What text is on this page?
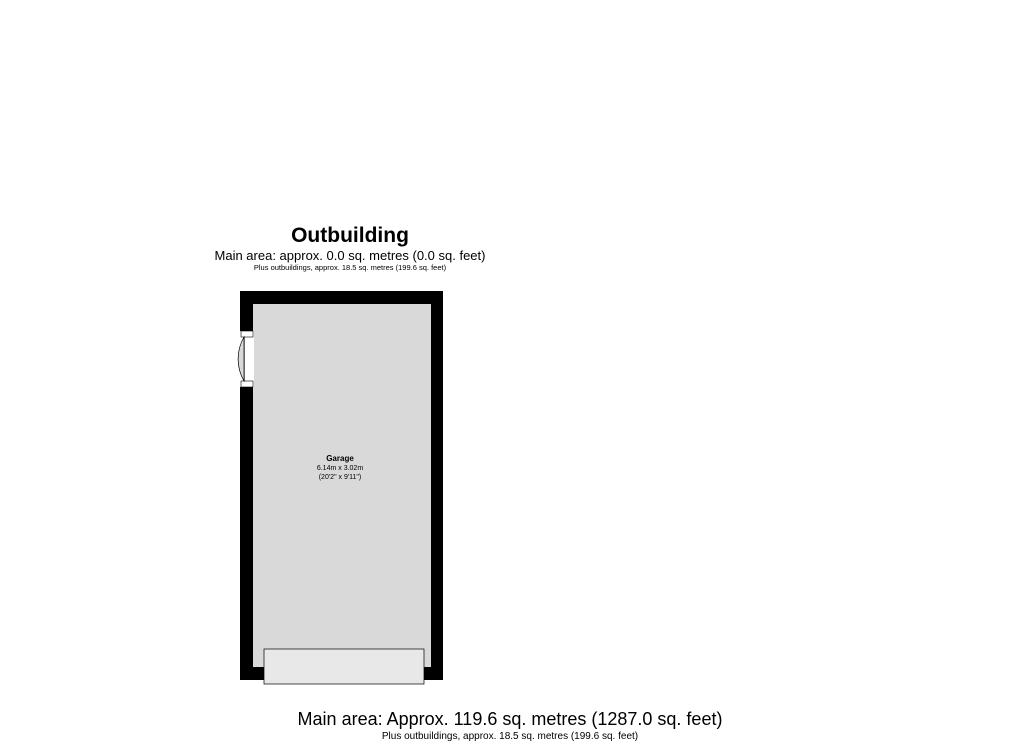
Outbuilding
Main area: approx. 0.0 sq. metres (0.0 sq. feet)
Plus outbuildings, approx. 18.5 sq. metres (199.6 sq. feet)
Garage
6.14m x 3.02m
(20'2" x 9'11")
Main area: Approx. 119.6 sq. metres (1287.0 sq. feet)
Plus outbuildings, approx. 18.5 sq. metres (199.6 sq. feet)
